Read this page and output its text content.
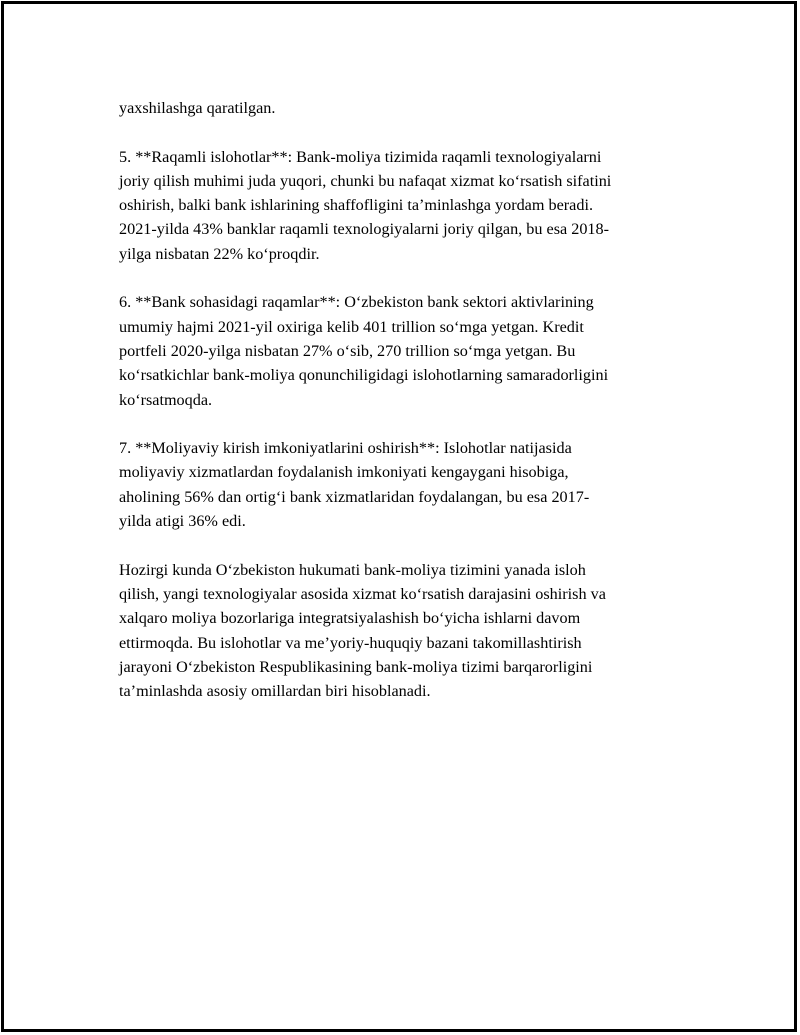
yaxshilashga qaratilgan.

5. **Raqamli islohotlar**: Bank-moliya tizimida raqamli texnologiyalarni
joriy qilish muhimi juda yuqori, chunki bu nafaqat xizmat ko‘rsatish sifatini
oshirish, balki bank ishlarining shaffofligini ta’minlashga yordam beradi.
2021-yilda 43% banklar raqamli texnologiyalarni joriy qilgan, bu esa 2018-
yilga nisbatan 22% ko‘proqdir.

6. **Bank sohasidagi raqamlar**: O‘zbekiston bank sektori aktivlarining
umumiy hajmi 2021-yil oxiriga kelib 401 trillion so‘mga yetgan. Kredit
portfeli 2020-yilga nisbatan 27% o‘sib, 270 trillion so‘mga yetgan. Bu
ko‘rsatkichlar bank-moliya qonunchiligidagi islohotlarning samaradorligini
ko‘rsatmoqda.

7. **Moliyaviy kirish imkoniyatlarini oshirish**: Islohotlar natijasida
moliyaviy xizmatlardan foydalanish imkoniyati kengaygani hisobiga,
aholining 56% dan ortig‘i bank xizmatlaridan foydalangan, bu esa 2017-
yilda atigi 36% edi.

Hozirgi kunda O‘zbekiston hukumati bank-moliya tizimini yanada isloh
qilish, yangi texnologiyalar asosida xizmat ko‘rsatish darajasini oshirish va
xalqaro moliya bozorlariga integratsiyalashish bo‘yicha ishlarni davom
ettirmoqda. Bu islohotlar va me’yoriy-huquqiy bazani takomillashtirish
jarayoni O‘zbekiston Respublikasining bank-moliya tizimi barqarorligini
ta’minlashda asosiy omillardan biri hisoblanadi.
